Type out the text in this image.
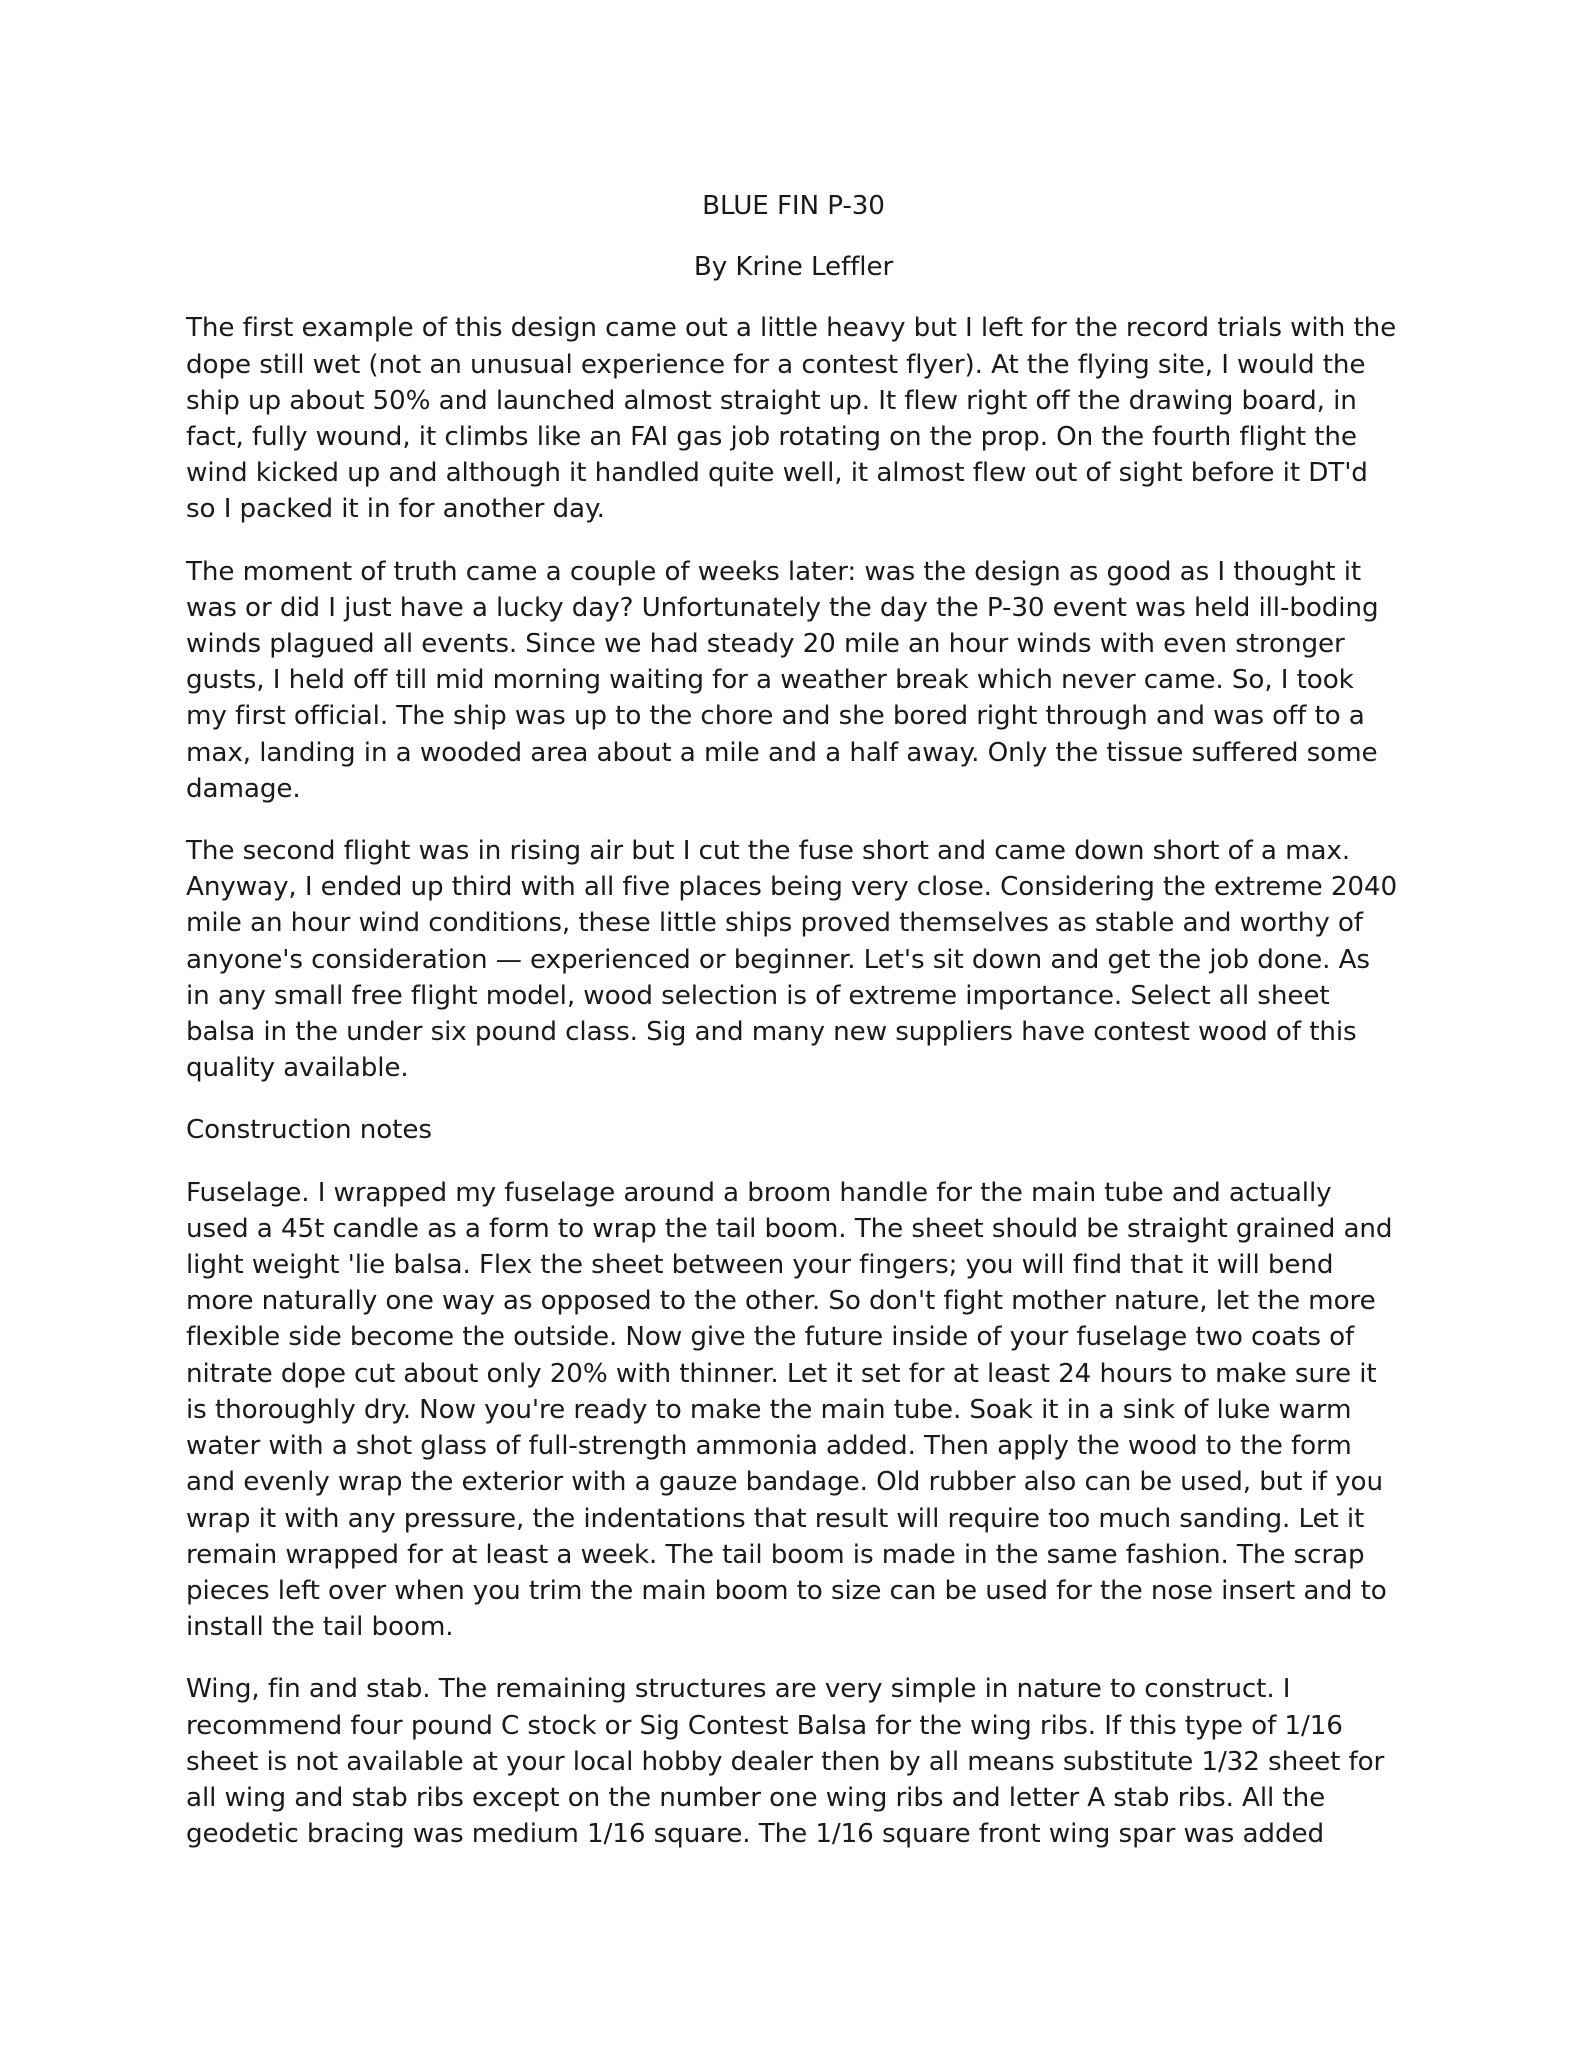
BLUE FIN P-30
By Krine Leffler

The first example of this design came out a little heavy but I left for the record trials with the dope still wet (not an unusual experience for a contest flyer). At the flying site, I would the ship up about 50% and launched almost straight up. It flew right off the drawing board, in fact, fully wound, it climbs like an FAI gas job rotating on the prop. On the fourth flight the wind kicked up and although it handled quite well, it almost flew out of sight before it DT'd so I packed it in for another day.

The moment of truth came a couple of weeks later: was the design as good as I thought it was or did I just have a lucky day? Unfortunately the day the P-30 event was held ill-boding winds plagued all events. Since we had steady 20 mile an hour winds with even stronger gusts, I held off till mid morning waiting for a weather break which never came. So, I took my first official. The ship was up to the chore and she bored right through and was off to a max, landing in a wooded area about a mile and a half away. Only the tissue suffered some damage.

The second flight was in rising air but I cut the fuse short and came down short of a max. Anyway, I ended up third with all five places being very close. Considering the extreme 2040 mile an hour wind conditions, these little ships proved themselves as stable and worthy of anyone's consideration — experienced or beginner. Let's sit down and get the job done. As in any small free flight model, wood selection is of extreme importance. Select all sheet balsa in the under six pound class. Sig and many new suppliers have contest wood of this quality available.

Construction notes

Fuselage. I wrapped my fuselage around a broom handle for the main tube and actually used a 45t candle as a form to wrap the tail boom. The sheet should be straight grained and light weight 'lie balsa. Flex the sheet between your fingers; you will find that it will bend more naturally one way as opposed to the other. So don't fight mother nature, let the more flexible side become the outside. Now give the future inside of your fuselage two coats of nitrate dope cut about only 20% with thinner. Let it set for at least 24 hours to make sure it is thoroughly dry. Now you're ready to make the main tube. Soak it in a sink of luke warm water with a shot glass of full-strength ammonia added. Then apply the wood to the form and evenly wrap the exterior with a gauze bandage. Old rubber also can be used, but if you wrap it with any pressure, the indentations that result will require too much sanding. Let it remain wrapped for at least a week. The tail boom is made in the same fashion. The scrap pieces left over when you trim the main boom to size can be used for the nose insert and to install the tail boom.

Wing, fin and stab. The remaining structures are very simple in nature to construct. I recommend four pound C stock or Sig Contest Balsa for the wing ribs. If this type of 1/16 sheet is not available at your local hobby dealer then by all means substitute 1/32 sheet for all wing and stab ribs except on the number one wing ribs and letter A stab ribs. All the geodetic bracing was medium 1/16 square. The 1/16 square front wing spar was added
